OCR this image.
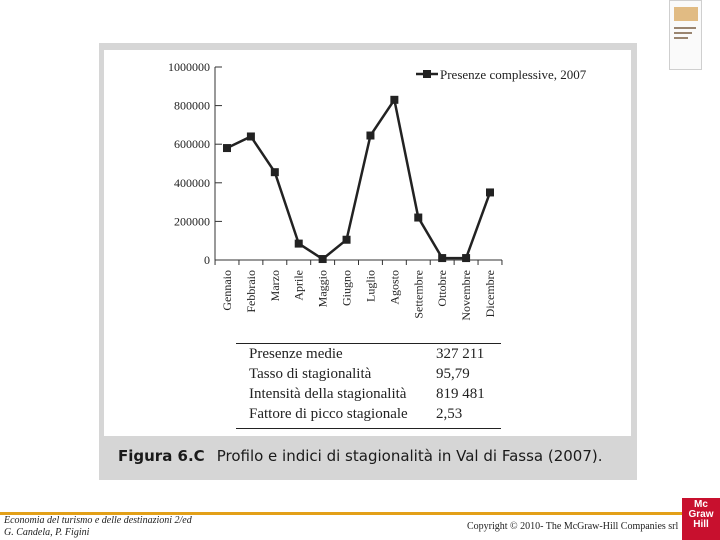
1000000
800000
600000
400000
200000
0
Gennaio Febbraio Marzo Aprile Maggio Giugno Luglio Agosto Settembre Ottobre Novembre Dicembre
Presenze complessive, 2007
Presenze medie	327 211
Tasso di stagionalità	95,79
Intensità della stagionalità 819 481
Fattore di picco stagionale 2,53
Figura 6.C Profilo e indici di stagionalità in Val di Fassa (2007).
Economia del turismo e delle destinazioni 2/ed
G. Candela, P. Figini
Copyright © 2010- The McGraw-Hill Companies srl
Mc
Graw
Hill
